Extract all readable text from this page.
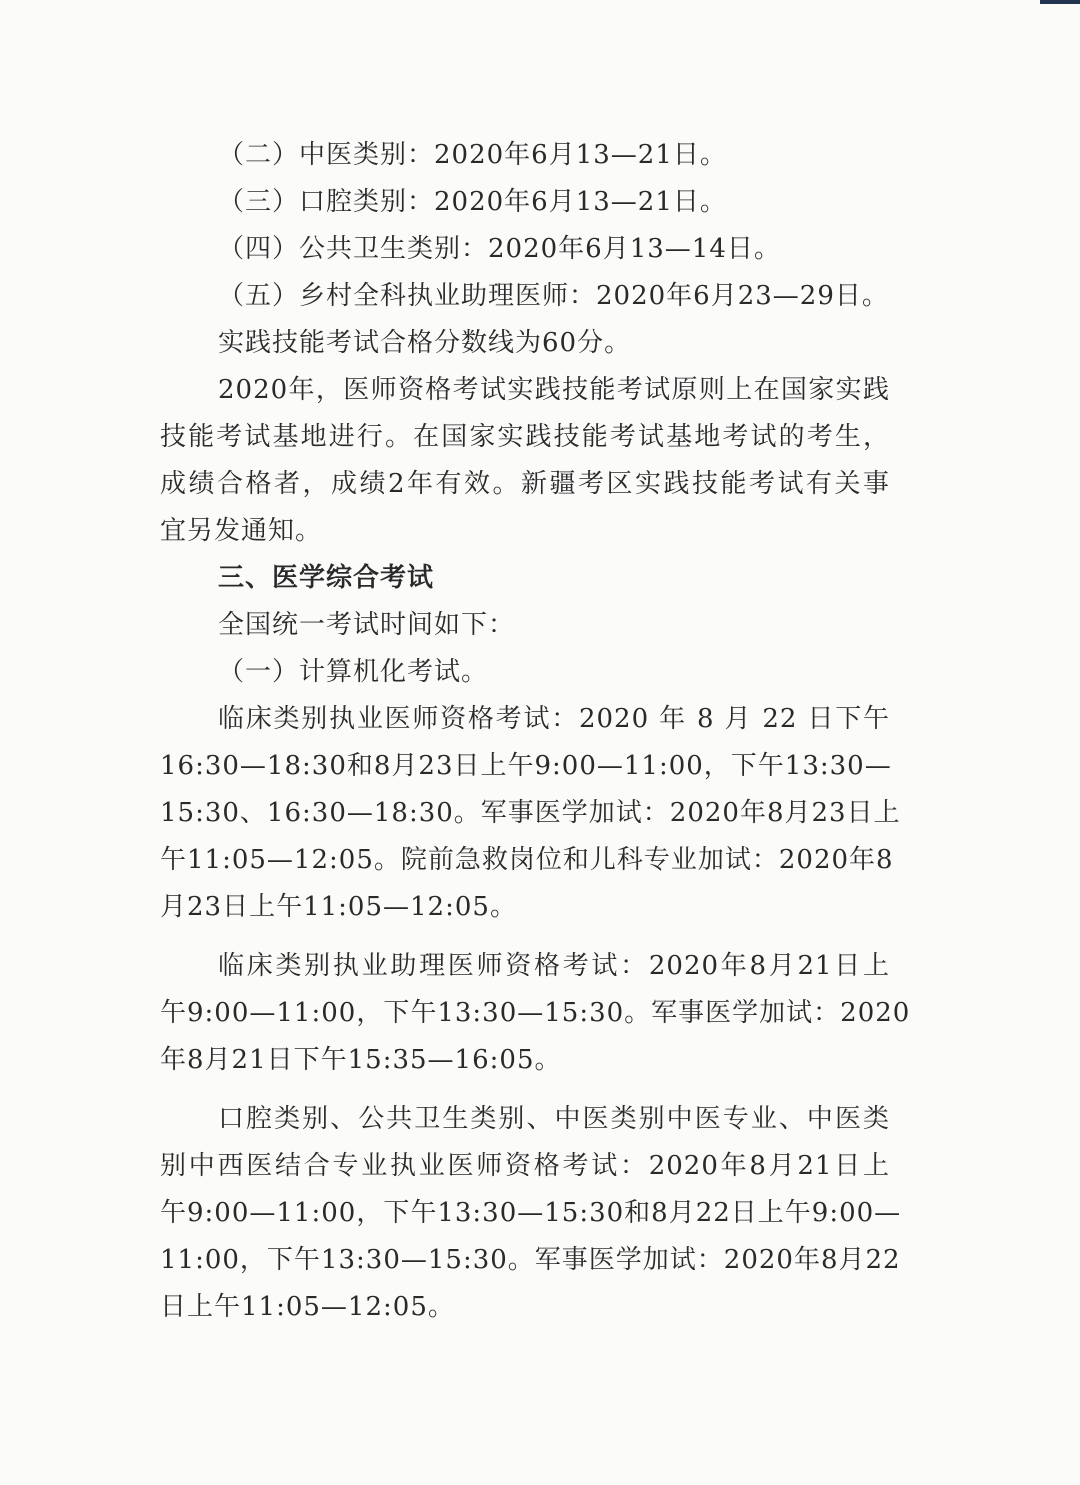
（二）中医类别：2020年6月13—21日。

（三）口腔类别：2020年6月13—21日。

（四）公共卫生类别：2020年6月13—14日。

（五）乡村全科执业助理医师：2020年6月23—29日。

实践技能考试合格分数线为60分。

2020年，医师资格考试实践技能考试原则上在国家实践

技能考试基地进行。在国家实践技能考试基地考试的考生，

成绩合格者，成绩2年有效。新疆考区实践技能考试有关事

宜另发通知。

三、医学综合考试

全国统一考试时间如下：

（一）计算机化考试。

临床类别执业医师资格考试：2020 年 8 月 22 日下午

16:30—18:30和8月23日上午9:00—11:00，下午13:30—

15:30、16:30—18:30。军事医学加试：2020年8月23日上

午11:05—12:05。院前急救岗位和儿科专业加试：2020年8

月23日上午11:05—12:05。

临床类别执业助理医师资格考试：2020年8月21日上

午9:00—11:00，下午13:30—15:30。军事医学加试：2020

年8月21日下午15:35—16:05。

口腔类别、公共卫生类别、中医类别中医专业、中医类

别中西医结合专业执业医师资格考试：2020年8月21日上

午9:00—11:00，下午13:30—15:30和8月22日上午9:00—

11:00，下午13:30—15:30。军事医学加试：2020年8月22

日上午11:05—12:05。
